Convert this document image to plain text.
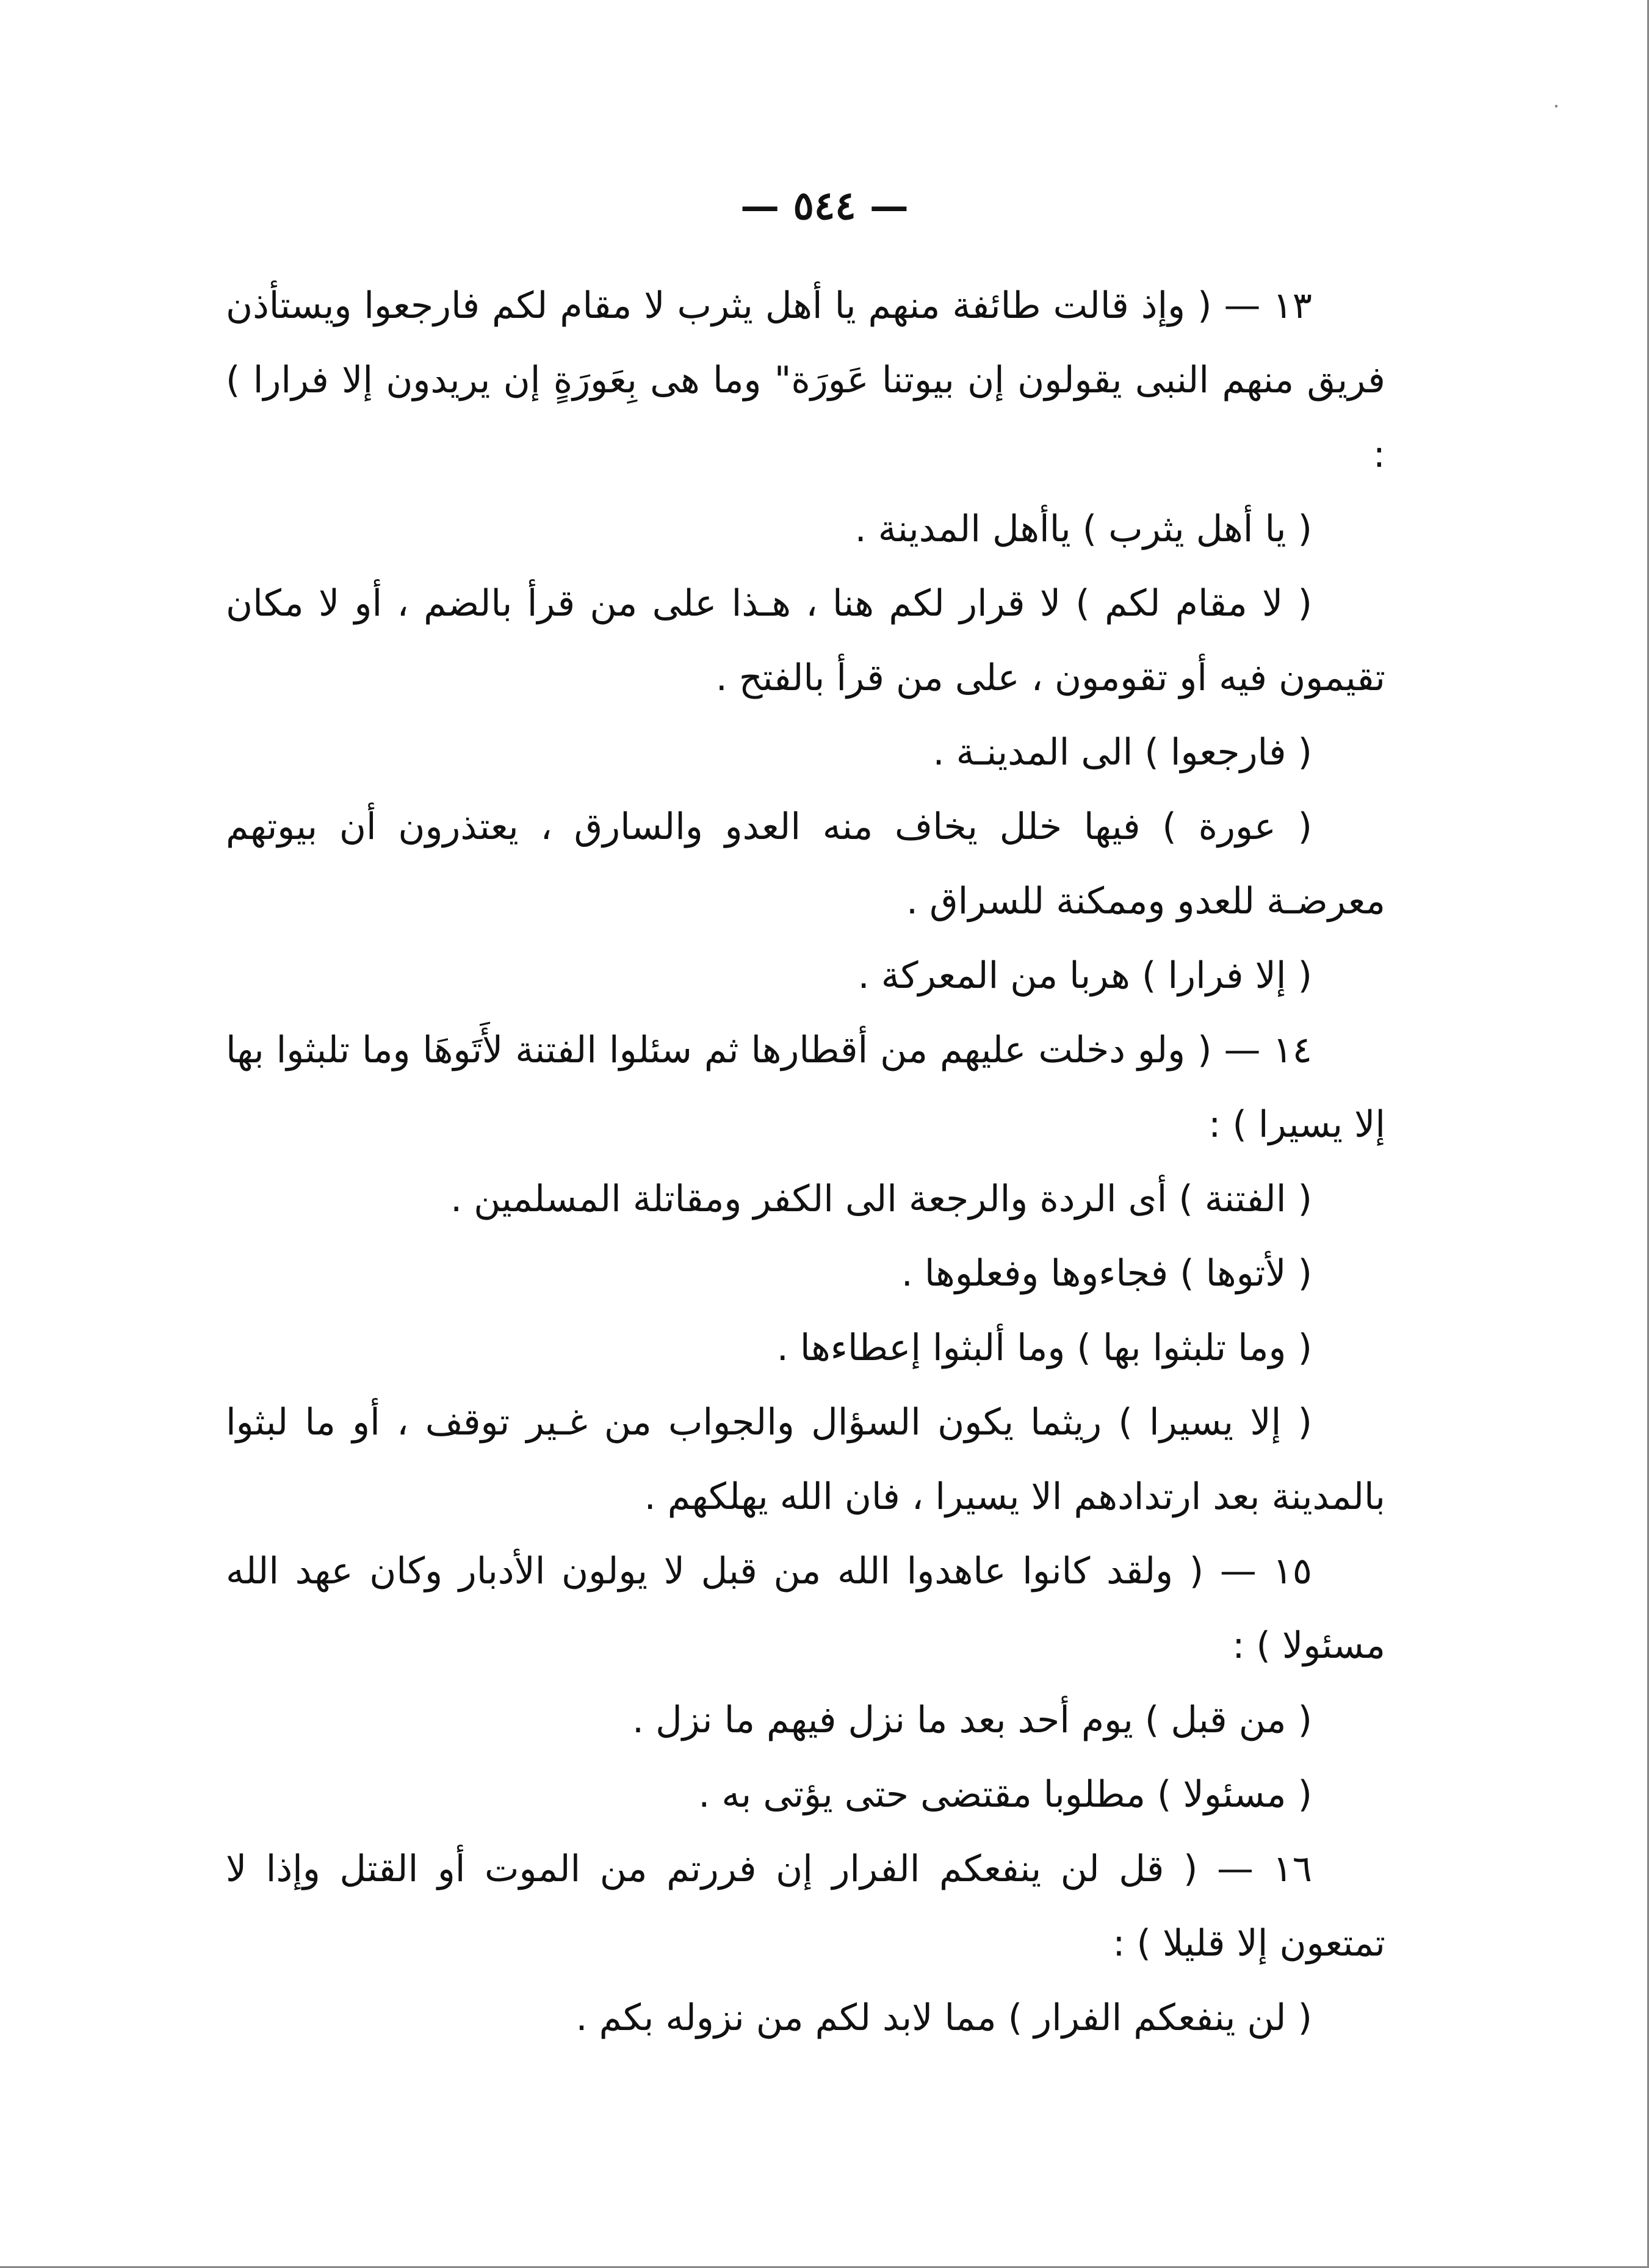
— ٥٤٤ —

١٣ — ( وإذ قالت طائفة منهم يا أهل يثرب لا مقام لكم فارجعوا ويستأذن فريق منهم النبى يقولون إن بيوتنا عَورَة" وما هى بِعَورَةٍ إن يريدون إلا فرارا ) :

( يا أهل يثرب ) ياأهل المدينة .

( لا مقام لكم ) لا قرار لكم هنا ، هـذا على من قرأ بالضم ، أو لا مكان تقيمون فيه أو تقومون ، على من قرأ بالفتح .

( فارجعوا ) الى المدينـة .

( عورة ) فيها خلل يخاف منه العدو والسارق ، يعتذرون أن بيوتهم معرضـة للعدو وممكنة للسراق .

( إلا فرارا ) هربا من المعركة .

١٤ — ( ولو دخلت عليهم من أقطارها ثم سئلوا الفتنة لأَتَوهَا وما تلبثوا بها إلا يسيرا ) :

( الفتنة ) أى الردة والرجعة الى الكفر ومقاتلة المسلمين .

( لأتوها ) فجاءوها وفعلوها .

( وما تلبثوا بها ) وما ألبثوا إعطاءها .

( إلا يسيرا ) ريثما يكون السؤال والجواب من غـير توقف ، أو ما لبثوا بالمدينة بعد ارتدادهم الا يسيرا ، فان الله يهلكهم .

١٥ — ( ولقد كانوا عاهدوا الله من قبل لا يولون الأدبار وكان عهد الله مسئولا ) :

( من قبل ) يوم أحد بعد ما نزل فيهم ما نزل .

( مسئولا ) مطلوبا مقتضى حتى يؤتى به .

١٦ — ( قل لن ينفعكم الفرار إن فررتم من الموت أو القتل وإذا لا تمتعون إلا قليلا ) :

( لن ينفعكم الفرار ) مما لابد لكم من نزوله بكم .
